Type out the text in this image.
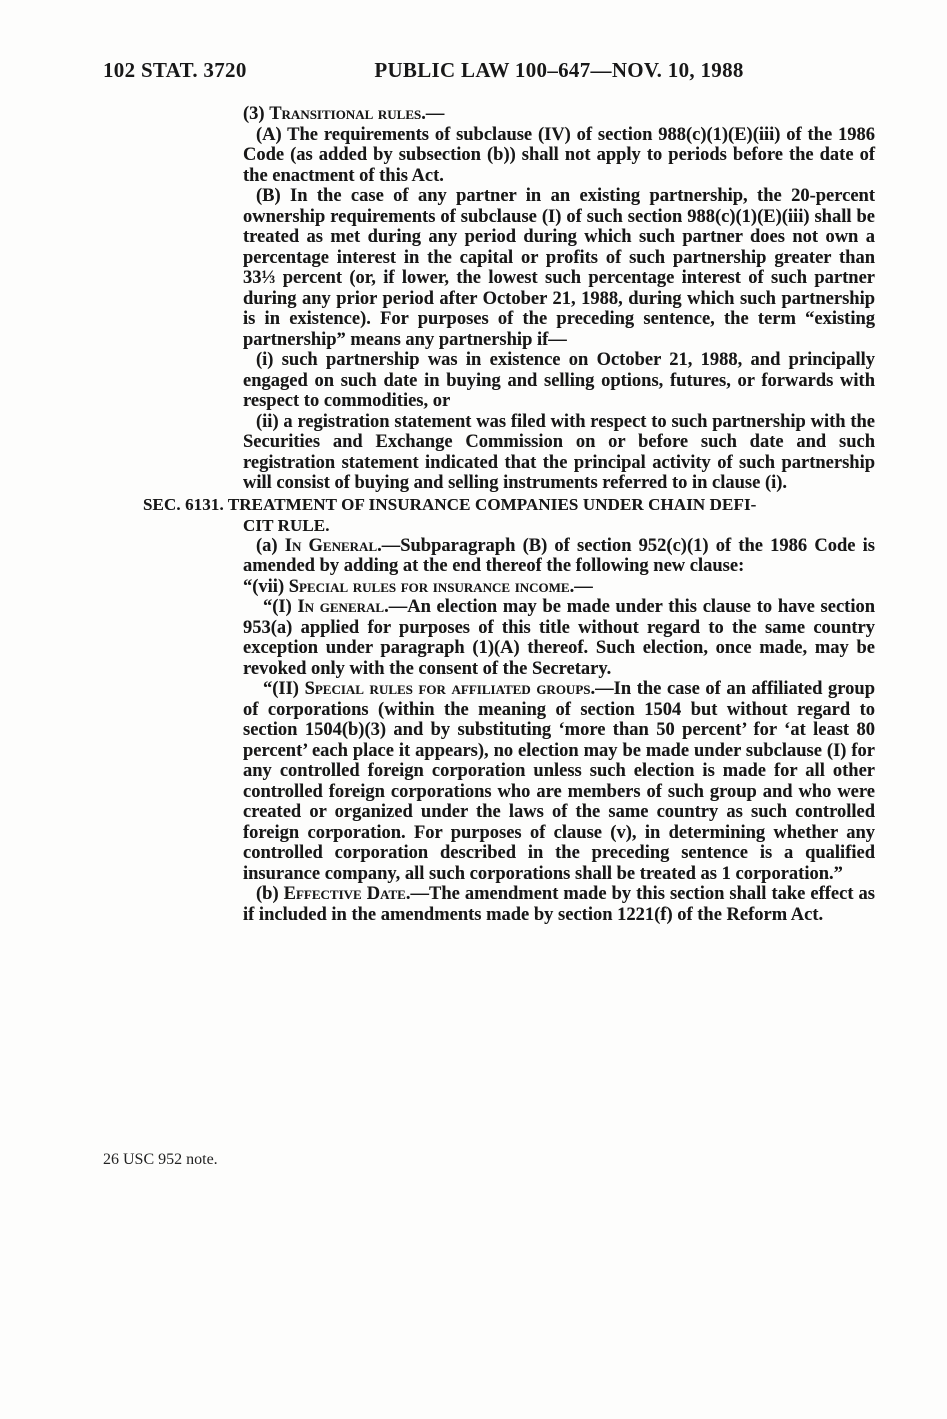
102 STAT. 3720	PUBLIC LAW 100–647—NOV. 10, 1988
26 USC 952 note.

(3) Transitional rules.—

(A) The requirements of subclause (IV) of section 988(c)(1)(E)(iii) of the 1986 Code (as added by subsection (b)) shall not apply to periods before the date of the enactment of this Act.

(B) In the case of any partner in an existing partnership, the 20-percent ownership requirements of subclause (I) of such section 988(c)(1)(E)(iii) shall be treated as met during any period during which such partner does not own a percentage interest in the capital or profits of such partnership greater than 33⅓ percent (or, if lower, the lowest such percentage interest of such partner during any prior period after October 21, 1988, during which such partnership is in existence). For purposes of the preceding sentence, the term “existing partnership” means any partnership if—

(i) such partnership was in existence on October 21, 1988, and principally engaged on such date in buying and selling options, futures, or forwards with respect to commodities, or

(ii) a registration statement was filed with respect to such partnership with the Securities and Exchange Commission on or before such date and such registration statement indicated that the principal activity of such partnership will consist of buying and selling instruments referred to in clause (i).

SEC. 6131. TREATMENT OF INSURANCE COMPANIES UNDER CHAIN DEFI-
CIT RULE.

(a) In General.—Subparagraph (B) of section 952(c)(1) of the 1986 Code is amended by adding at the end thereof the following new clause:

“(vii) Special rules for insurance income.—

“(I) In general.—An election may be made under this clause to have section 953(a) applied for purposes of this title without regard to the same country exception under paragraph (1)(A) thereof. Such election, once made, may be revoked only with the consent of the Secretary.

“(II) Special rules for affiliated groups.—In the case of an affiliated group of corporations (within the meaning of section 1504 but without regard to section 1504(b)(3) and by substituting ‘more than 50 percent’ for ‘at least 80 percent’ each place it appears), no election may be made under subclause (I) for any controlled foreign corporation unless such election is made for all other controlled foreign corporations who are members of such group and who were created or organized under the laws of the same country as such controlled foreign corporation. For purposes of clause (v), in determining whether any controlled corporation described in the preceding sentence is a qualified insurance company, all such corporations shall be treated as 1 corporation.”

(b) Effective Date.—The amendment made by this section shall take effect as if included in the amendments made by section 1221(f) of the Reform Act.
